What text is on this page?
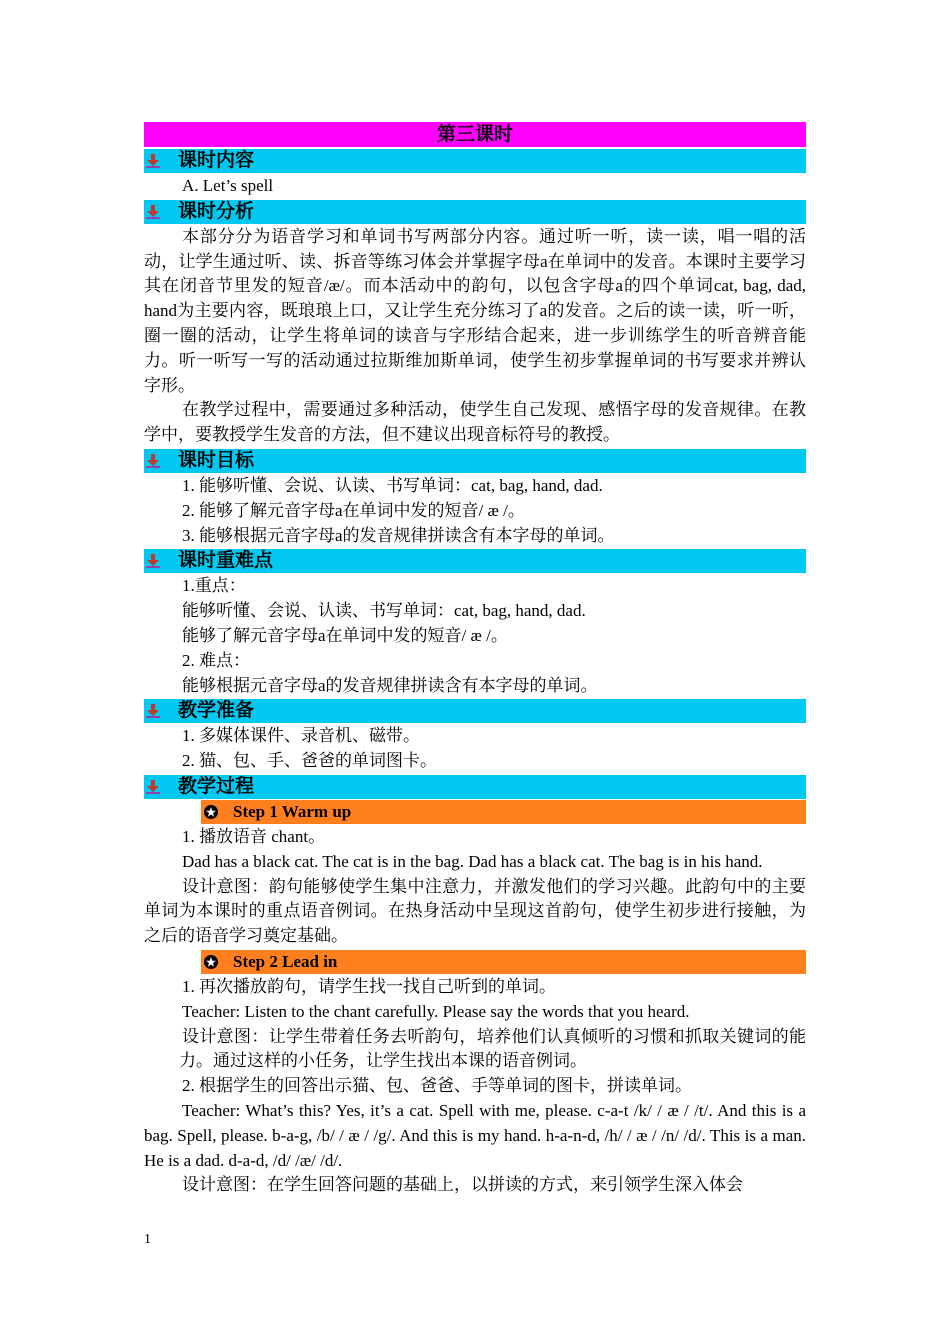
第三课时
课时内容
A. Let’s spell
课时分析

本部分分为语音学习和单词书写两部分内容。通过听一听，读一读，唱一唱的活动，让学生通过听、读、拆音等练习体会并掌握字母a在单词中的发音。本课时主要学习其在闭音节里发的短音/æ/。而本活动中的韵句，以包含字母a的四个单词cat, bag, dad, hand为主要内容，既琅琅上口，又让学生充分练习了a的发音。之后的读一读，听一听，圈一圈的活动，让学生将单词的读音与字形结合起来，进一步训练学生的听音辨音能力。听一听写一写的活动通过拉斯维加斯单词，使学生初步掌握单词的书写要求并辨认字形。

在教学过程中，需要通过多种活动，使学生自己发现、感悟字母的发音规律。在教学中，要教授学生发音的方法，但不建议出现音标符号的教授。

课时目标
1. 能够听懂、会说、认读、书写单词：cat, bag, hand, dad.
2. 能够了解元音字母a在单词中发的短音/ æ /。
3. 能够根据元音字母a的发音规律拼读含有本字母的单词。
课时重难点
1.重点：
能够听懂、会说、认读、书写单词：cat, bag, hand, dad.
能够了解元音字母a在单词中发的短音/ æ /。
2. 难点：
能够根据元音字母a的发音规律拼读含有本字母的单词。
教学准备
1. 多媒体课件、录音机、磁带。
2. 猫、包、手、爸爸的单词图卡。
教学过程
Step 1 Warm up
1. 播放语音 chant。

Dad has a black cat. The cat is in the bag. Dad has a black cat. The bag is in his hand.

设计意图：韵句能够使学生集中注意力，并激发他们的学习兴趣。此韵句中的主要单词为本课时的重点语音例词。在热身活动中呈现这首韵句，使学生初步进行接触，为之后的语音学习奠定基础。

Step 2 Lead in
1. 再次播放韵句，请学生找一找自己听到的单词。
Teacher: Listen to the chant carefully. Please say the words that you heard.

设计意图：让学生带着任务去听韵句，培养他们认真倾听的习惯和抓取关键词的能力。通过这样的小任务，让学生找出本课的语音例词。

2. 根据学生的回答出示猫、包、爸爸、手等单词的图卡，拼读单词。

Teacher: What’s this? Yes, it’s a cat. Spell with me, please. c-a-t /k/ / æ / /t/. And this is a bag. Spell, please. b-a-g, /b/ / æ / /g/. And this is my hand. h-a-n-d, /h/ / æ / /n/ /d/. This is a man. He is a dad. d-a-d, /d/ /æ/ /d/.

设计意图：在学生回答问题的基础上，以拼读的方式，来引领学生深入体会

1
